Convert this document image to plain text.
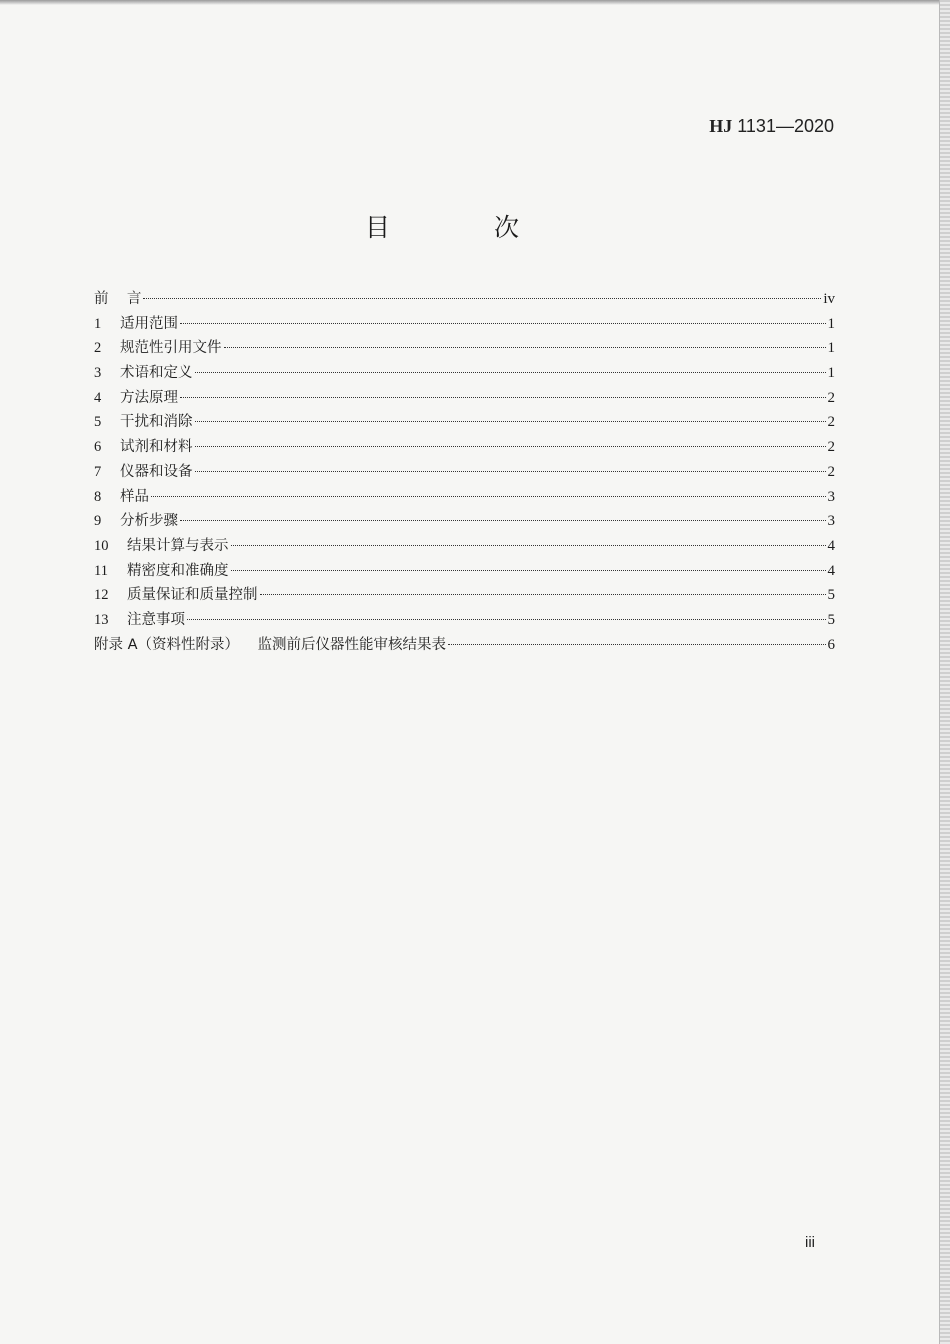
HJ 1131—2020
目 次
前    言	iv
1 适用范围	1
2 规范性引用文件	1
3 术语和定义	1
4 方法原理	2
5 干扰和消除	2
6 试剂和材料	2
7 仪器和设备	2
8 样品	3
9 分析步骤	3
10 结果计算与表示	4
11 精密度和准确度	4
12 质量保证和质量控制	5
13 注意事项	5
附录 A（资料性附录）    监测前后仪器性能审核结果表	6
iii
